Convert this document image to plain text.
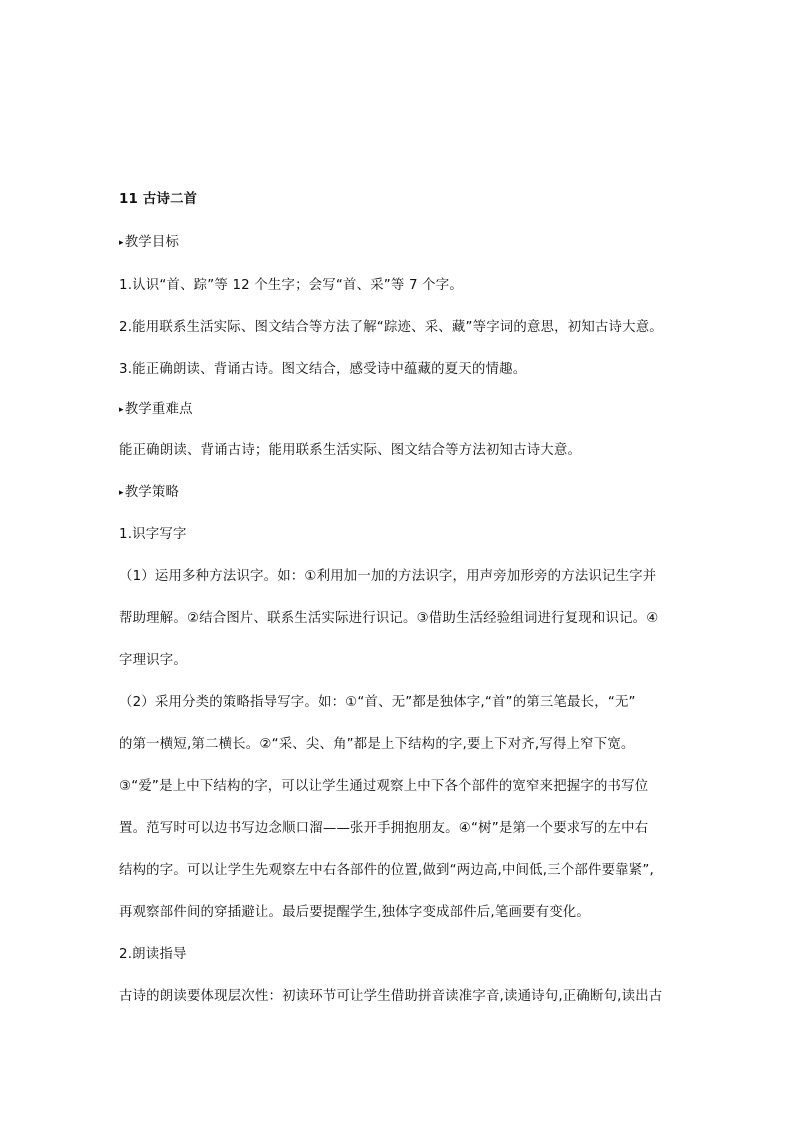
11 古诗二首
▸教学目标
1.认识“首、踪”等 12 个生字；会写“首、采”等 7 个字。
2.能用联系生活实际、图文结合等方法了解“踪迹、采、藏”等字词的意思，初知古诗大意。
3.能正确朗读、背诵古诗。图文结合，感受诗中蕴藏的夏天的情趣。
▸教学重难点
能正确朗读、背诵古诗；能用联系生活实际、图文结合等方法初知古诗大意。
▸教学策略
1.识字写字
（1）运用多种方法识字。如：①利用加一加的方法识字，用声旁加形旁的方法识记生字并
帮助理解。②结合图片、联系生活实际进行识记。③借助生活经验组词进行复现和识记。④
字理识字。
（2）采用分类的策略指导写字。如：①“首、无”都是独体字,“首”的第三笔最长，“无”
的第一横短,第二横长。②“采、尖、角”都是上下结构的字,要上下对齐,写得上窄下宽。
③“爱”是上中下结构的字，可以让学生通过观察上中下各个部件的宽窄来把握字的书写位
置。范写时可以边书写边念顺口溜——张开手拥抱朋友。④“树”是第一个要求写的左中右
结构的字。可以让学生先观察左中右各部件的位置,做到“两边高,中间低,三个部件要靠紧”,
再观察部件间的穿插避让。最后要提醒学生,独体字变成部件后,笔画要有变化。
2.朗读指导
古诗的朗读要体现层次性：初读环节可让学生借助拼音读准字音,读通诗句,正确断句,读出古
